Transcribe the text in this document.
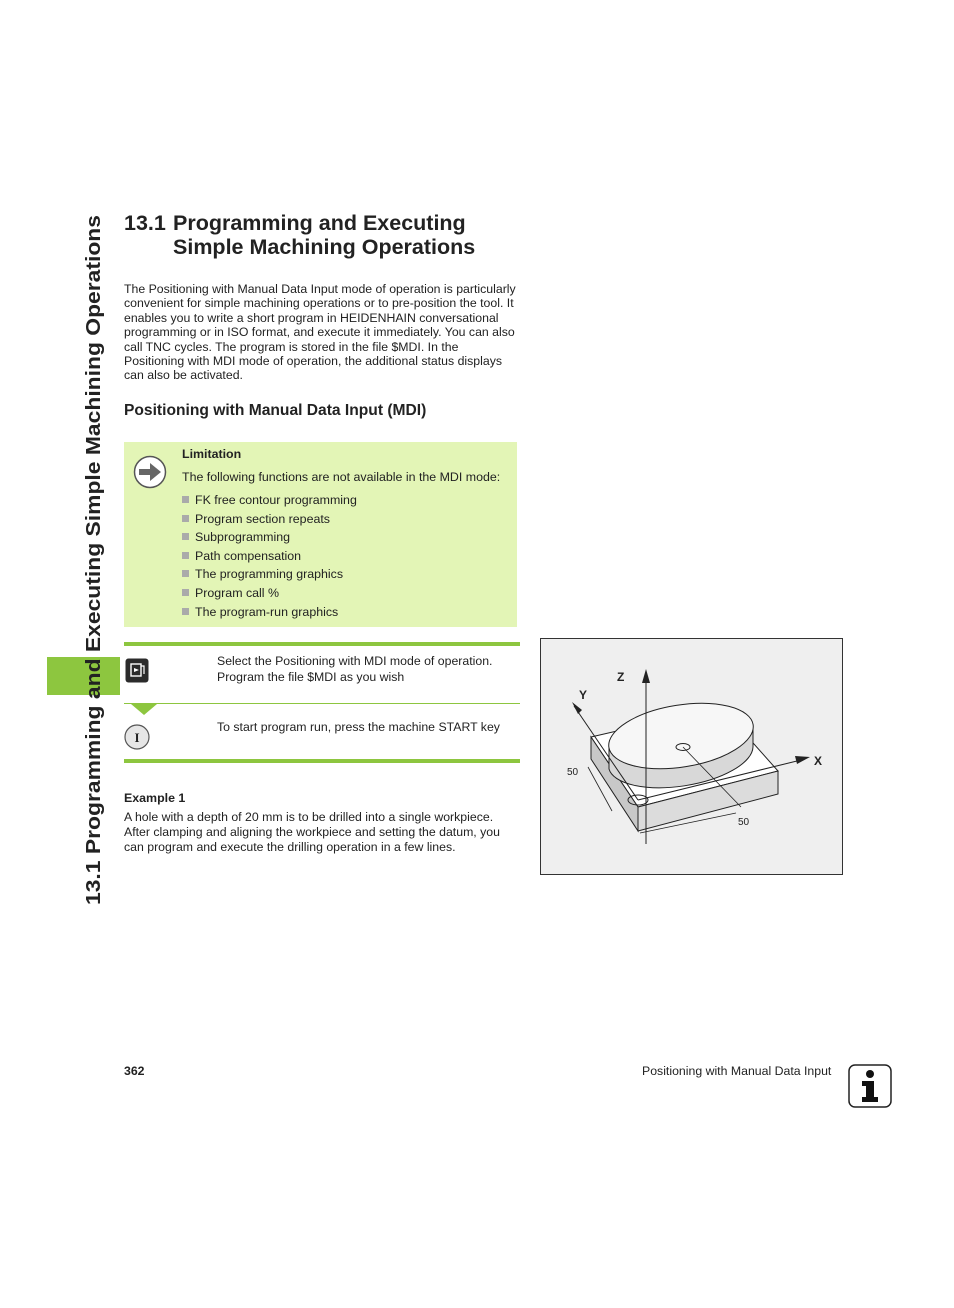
13.1 Programming and Executing Simple Machining Operations
13.1 Programming and Executing
Simple Machining Operations

The Positioning with Manual Data Input mode of operation is particularly convenient for simple machining operations or to pre-position the tool. It enables you to write a short program in HEIDENHAIN conversational programming or in ISO format, and execute it immediately. You can also call TNC cycles. The program is stored in the file $MDI. In the Positioning with MDI mode of operation, the additional status displays can also be activated.

Positioning with Manual Data Input (MDI)
Limitation
The following functions are not available in the MDI mode:
FK free contour programming
Program section repeats
Subprogramming
Path compensation
The programming graphics
Program call %
The program-run graphics

Select the Positioning with MDI mode of operation. Program the file $MDI as you wish

I

To start program run, press the machine START key

Example 1

A hole with a depth of 20 mm is to be drilled into a single workpiece. After clamping and aligning the workpiece and setting the datum, you can program and execute the drilling operation in a few lines.

Z
Y
X
50
50
362	Positioning with Manual Data Input
